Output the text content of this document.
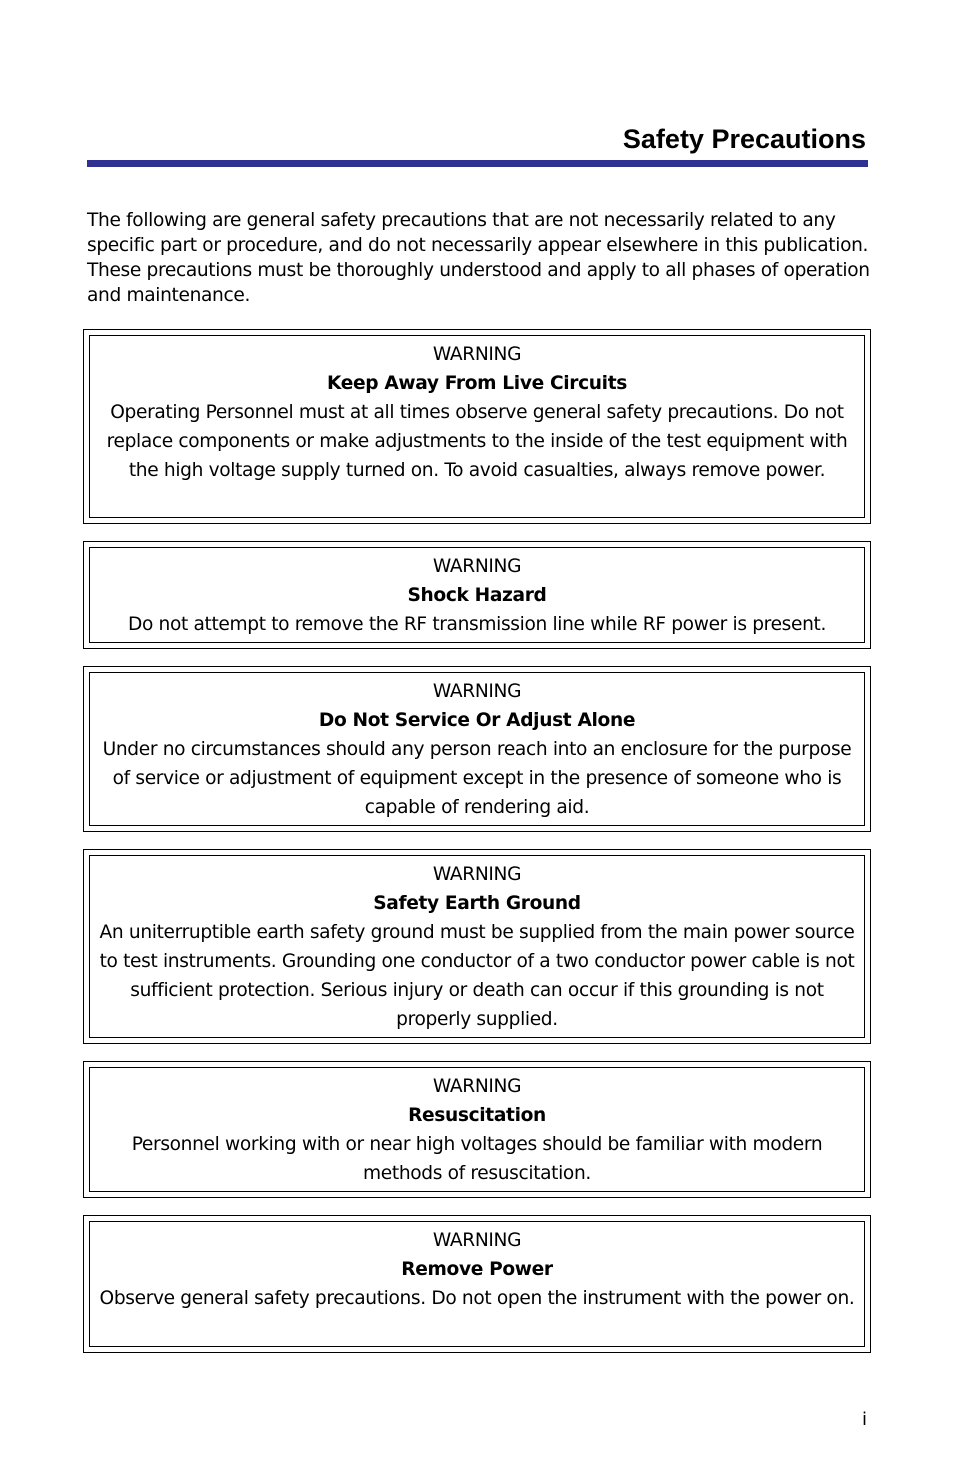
Safety Precautions

The following are general safety precautions that are not necessarily related to any specific part or procedure, and do not necessarily appear elsewhere in this publication. These precautions must be thoroughly understood and apply to all phases of operation and maintenance.

WARNING
Keep Away From Live Circuits
Operating Personnel must at all times observe general safety precautions. Do not replace components or make adjustments to the inside of the test equipment with the high voltage supply turned on. To avoid casualties, always remove power.
WARNING
Shock Hazard
Do not attempt to remove the RF transmission line while RF power is present.
WARNING
Do Not Service Or Adjust Alone
Under no circumstances should any person reach into an enclosure for the purpose of service or adjustment of equipment except in the presence of someone who is capable of rendering aid.
WARNING
Safety Earth Ground
An uniterruptible earth safety ground must be supplied from the main power source to test instruments. Grounding one conductor of a two conductor power cable is not sufficient protection. Serious injury or death can occur if this grounding is not properly supplied.
WARNING
Resuscitation
Personnel working with or near high voltages should be familiar with modern methods of resuscitation.
WARNING
Remove Power
Observe general safety precautions. Do not open the instrument with the power on.
i
